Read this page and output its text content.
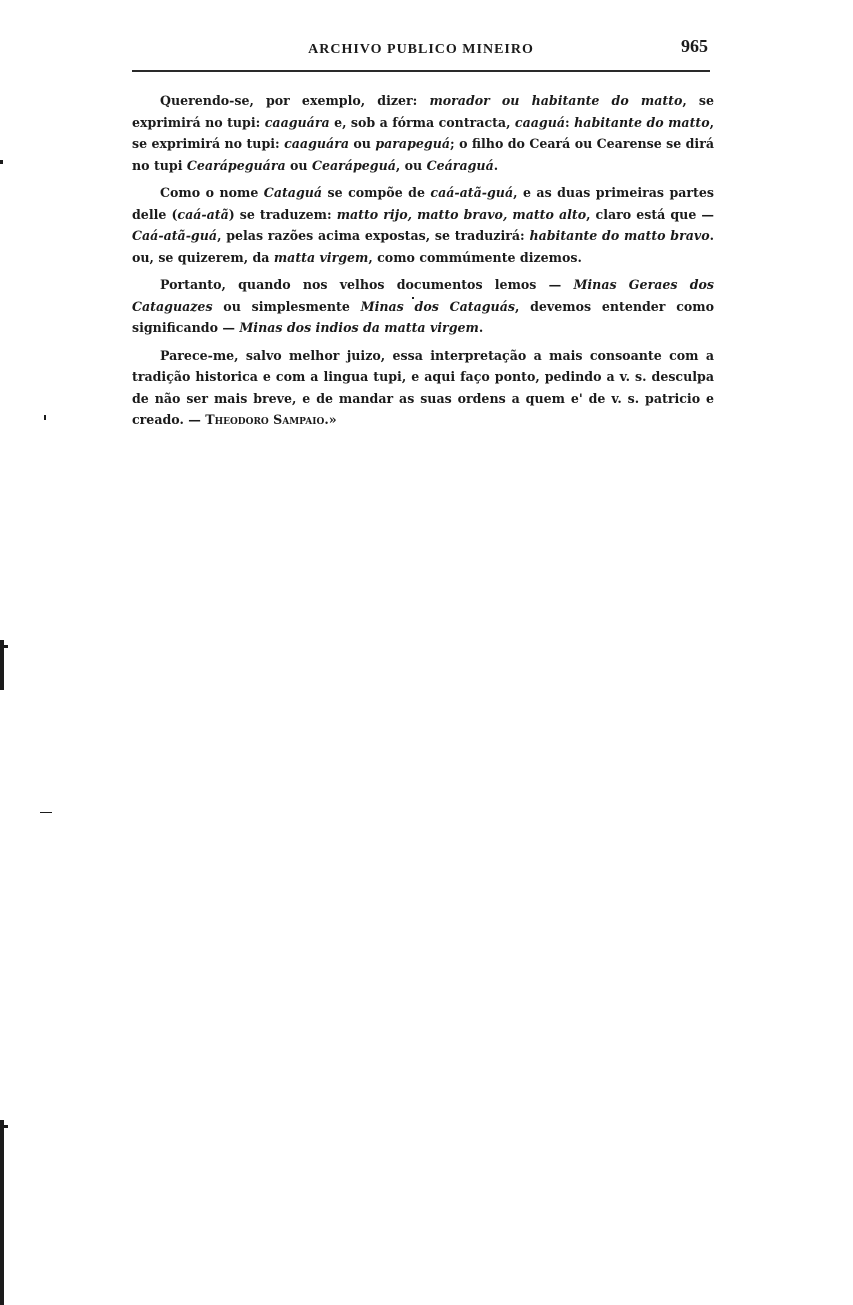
ARCHIVO PUBLICO MINEIRO	965

Querendo-se, por exemplo, dizer: morador ou habitante do matto, se exprimirá no tupi: caaguára e, sob a fórma contracta, caaguá: habitante do matto, se exprimirá no tupi: caaguára ou parapeguá; o filho do Ceará ou Cearense se dirá no tupi Cearápeguára ou Cearápeguá, ou Ceáraguá.

Como o nome Cataguá se compõe de caá-atã-guá, e as duas primeiras partes delle (caá-atã) se traduzem: matto rijo, matto bravo, matto alto, claro está que — Caá-atã-guá, pelas razões acima expostas, se traduzirá: habitante do matto bravo. ou, se quizerem, da matta virgem, como commúmente dizemos.

Portanto, quando nos velhos documentos lemos — Minas Geraes dos Cataguazes ou simplesmente Minas dos Cataguás, devemos entender como significando — Minas dos indios da matta virgem.

Parece-me, salvo melhor juizo, essa interpretação a mais consoante com a tradição historica e com a lingua tupi, e aqui faço ponto, pedindo a v. s. desculpa de não ser mais breve, e de mandar as suas ordens a quem e' de v. s. patricio e creado. — Theodoro Sampaio.»
